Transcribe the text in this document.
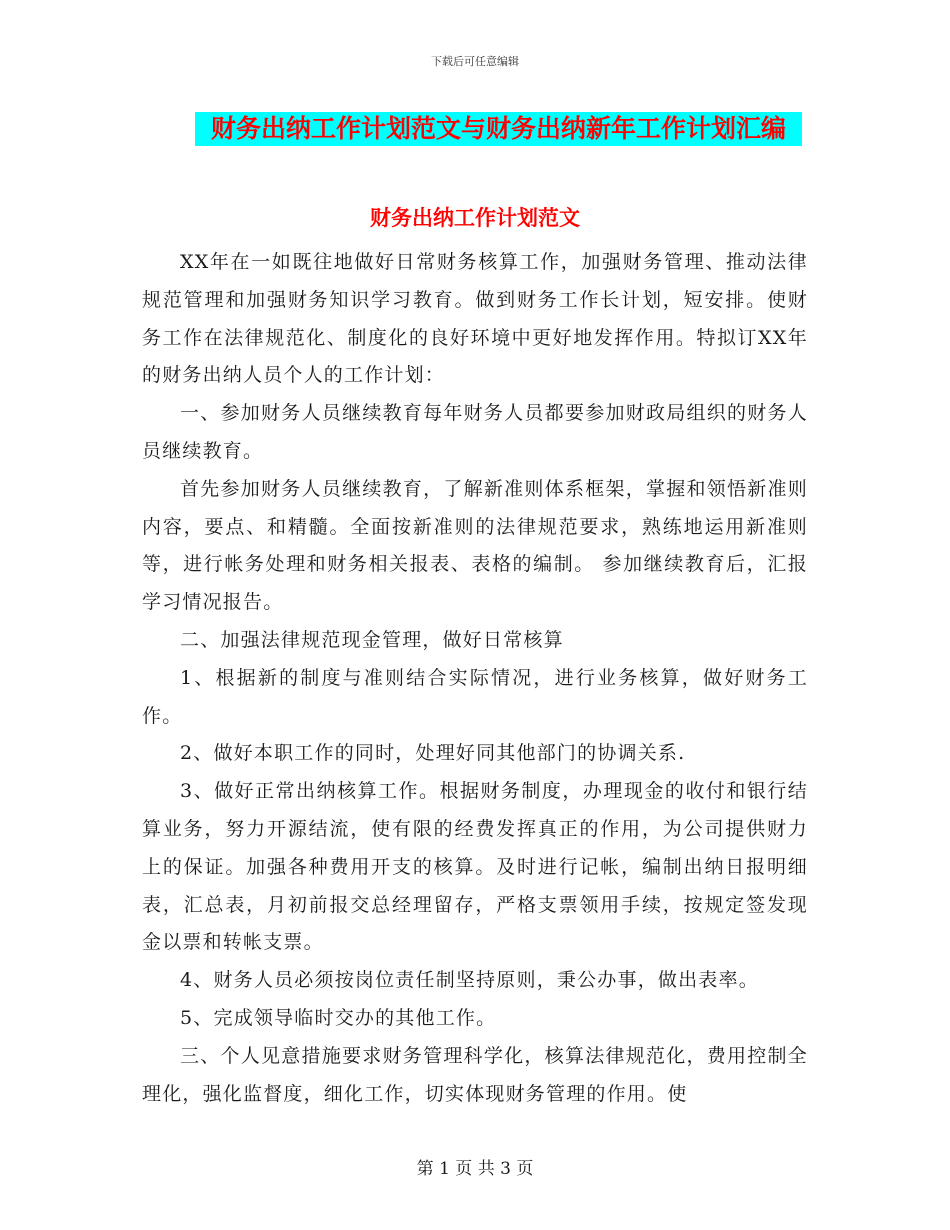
下载后可任意编辑
财务出纳工作计划范文与财务出纳新年工作计划汇编
财务出纳工作计划范文

XX年在一如既往地做好日常财务核算工作，加强财务管理、推动法律规范管理和加强财务知识学习教育。做到财务工作长计划，短安排。使财务工作在法律规范化、制度化的良好环境中更好地发挥作用。特拟订XX年的财务出纳人员个人的工作计划：

一、参加财务人员继续教育每年财务人员都要参加财政局组织的财务人员继续教育。

首先参加财务人员继续教育，了解新准则体系框架，掌握和领悟新准则内容，要点、和精髓。全面按新准则的法律规范要求，熟练地运用新准则等，进行帐务处理和财务相关报表、表格的编制。 参加继续教育后，汇报学习情况报告。

二、加强法律规范现金管理，做好日常核算

1、根据新的制度与准则结合实际情况，进行业务核算，做好财务工作。

2、做好本职工作的同时，处理好同其他部门的协调关系.

3、做好正常出纳核算工作。根据财务制度，办理现金的收付和银行结算业务，努力开源结流，使有限的经费发挥真正的作用，为公司提供财力上的保证。加强各种费用开支的核算。及时进行记帐，编制出纳日报明细表，汇总表，月初前报交总经理留存，严格支票领用手续，按规定签发现金以票和转帐支票。

4、财务人员必须按岗位责任制坚持原则，秉公办事，做出表率。

5、完成领导临时交办的其他工作。

三、个人见意措施要求财务管理科学化，核算法律规范化，费用控制全理化，强化监督度，细化工作，切实体现财务管理的作用。使

第 1 页 共 3 页
